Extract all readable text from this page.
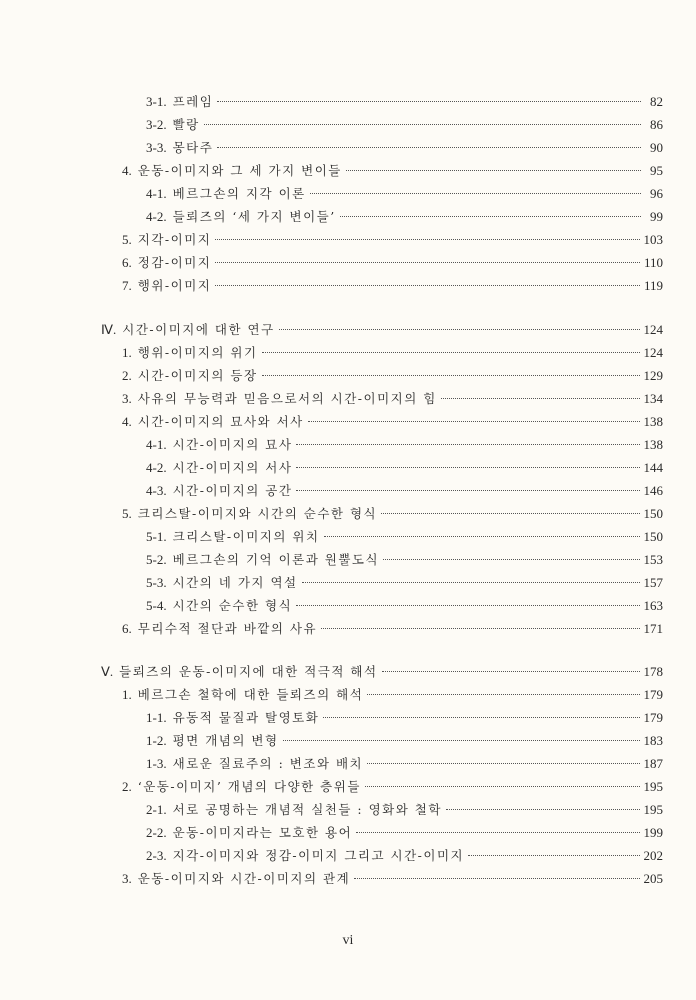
3-1. 프레임	82
3-2. 빨랑	86
3-3. 몽타주	90
4. 운동-이미지와 그 세 가지 변이들	95
4-1. 베르그손의 지각 이론	96
4-2. 들뢰즈의 ‘세 가지 변이들’	99
5. 지각-이미지	103
6. 정감-이미지	110
7. 행위-이미지	119
Ⅳ. 시간-이미지에 대한 연구	124
1. 행위-이미지의 위기	124
2. 시간-이미지의 등장	129
3. 사유의 무능력과 믿음으로서의 시간-이미지의 힘	134
4. 시간-이미지의 묘사와 서사	138
4-1. 시간-이미지의 묘사	138
4-2. 시간-이미지의 서사	144
4-3. 시간-이미지의 공간	146
5. 크리스탈-이미지와 시간의 순수한 형식	150
5-1. 크리스탈-이미지의 위치	150
5-2. 베르그손의 기억 이론과 원뿔도식	153
5-3. 시간의 네 가지 역설	157
5-4. 시간의 순수한 형식	163
6. 무리수적 절단과 바깥의 사유	171
Ⅴ. 들뢰즈의 운동-이미지에 대한 적극적 해석	178
1. 베르그손 철학에 대한 들뢰즈의 해석	179
1-1. 유동적 물질과 탈영토화	179
1-2. 평면 개념의 변형	183
1-3. 새로운 질료주의 : 변조와 배치	187
2. ‘운동-이미지’ 개념의 다양한 층위들	195
2-1. 서로 공명하는 개념적 실천들 : 영화와 철학	195
2-2. 운동-이미지라는 모호한 용어	199
2-3. 지각-이미지와 정감-이미지 그리고 시간-이미지	202
3. 운동-이미지와 시간-이미지의 관계	205
vi
